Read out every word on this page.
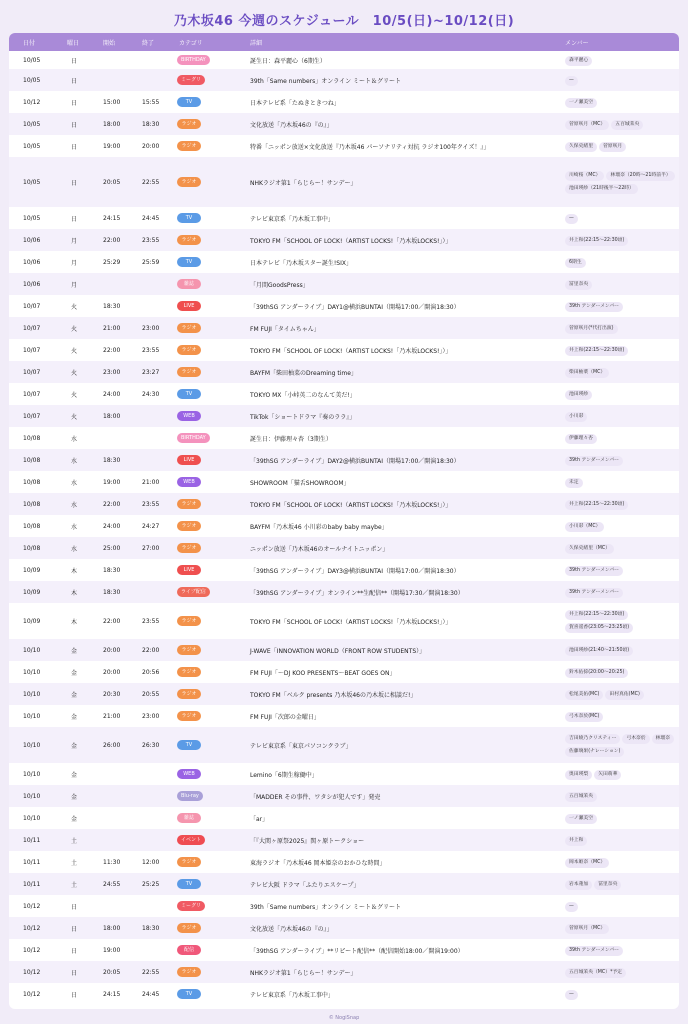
乃木坂46 今週のスケジュール　10/5(日)~10/12(日)
日付	曜日	開始	終了	カテゴリ	詳細	メンバー
10/05	日			BIRTHDAY	誕生日：森平麗心（6期生）	森平麗心
10/05	日			ミーグリ	39th「Same numbers」オンライン ミート＆グリート	—
10/12	日	15:00	15:55	TV	日本テレビ系「たぬきときつね」	一ノ瀬美空
10/05	日	18:00	18:30	ラジオ	文化放送「乃木坂46の『の』」	菅原咲月（MC） 五百城茉央
10/05	日	19:00	20:00	ラジオ	特番「ニッポン放送×文化放送『乃木坂46 パーソナリティ対抗 ラジオ100年クイズ！』」	久保史緒里 菅原咲月
10/05	日	20:05	22:55	ラジオ	NHKラジオ第1「らじらー！サンデー」	川崎桜（MC） 林瑠奈（20時〜21時前半）池田瑛紗（21時後半〜22時）
10/05	日	24:15	24:45	TV	テレビ東京系「乃木坂工事中」	—
10/06	月	22:00	23:55	ラジオ	TOKYO FM「SCHOOL OF LOCK!（ARTIST LOCKS!「乃木坂LOCKS!」）」	井上和(22:15〜22:30頃)
10/06	月	25:29	25:59	TV	日本テレビ「乃木坂スター誕生!SIX」	6期生
10/06	月			雑誌	「月間GoodsPress」	冨里奈央
10/07	火	18:30		LIVE	「39thSG アンダーライブ」DAY1@横浜BUNTAI（開場17:00／開演18:30）	39th アンダーメンバー
10/07	火	21:00	23:00	ラジオ	FM FUJI「タイムちゃん」	菅原咲月(*代打出演)
10/07	火	22:00	23:55	ラジオ	TOKYO FM「SCHOOL OF LOCK!（ARTIST LOCKS!「乃木坂LOCKS!」）」	井上和(22:15〜22:30頃)
10/07	火	23:00	23:27	ラジオ	BAYFM「柴田柚菜のDreaming time」	柴田柚菜（MC）
10/07	火	24:00	24:30	TV	TOKYO MX「小峠英二のなんて美だ!」	池田瑛紗
10/07	火	18:00		WEB	TikTok「ショートドラマ『奏のララ』」	小川彩
10/08	水			BIRTHDAY	誕生日：伊藤理々杏（3期生）	伊藤理々杏
10/08	水	18:30		LIVE	「39thSG アンダーライブ」DAY2@横浜BUNTAI（開場17:00／開演18:30）	39th アンダーメンバー
10/08	水	19:00	21:00	WEB	SHOWROOM「猫舌SHOWROOM」	未定
10/08	水	22:00	23:55	ラジオ	TOKYO FM「SCHOOL OF LOCK!（ARTIST LOCKS!「乃木坂LOCKS!」）」	井上和(22:15〜22:30頃)
10/08	水	24:00	24:27	ラジオ	BAYFM「乃木坂46 小川彩のbaby baby maybe」	小川彩（MC）
10/08	水	25:00	27:00	ラジオ	ニッポン放送「乃木坂46のオールナイトニッポン」	久保史緒里（MC）
10/09	木	18:30		LIVE	「39thSG アンダーライブ」DAY3@横浜BUNTAI（開場17:00／開演18:30）	39th アンダーメンバー
10/09	木	18:30		ライブ配信	「39thSG アンダーライブ」オンライン**生配信**（開場17:30／開演18:30）	39th アンダーメンバー
10/09	木	22:00	23:55	ラジオ	TOKYO FM「SCHOOL OF LOCK!（ARTIST LOCKS!「乃木坂LOCKS!」）」	井上和(22:15〜22:30頃)賀喜遥香(23:05〜23:25頃)
10/10	金	20:00	22:00	ラジオ	J-WAVE「INNOVATION WORLD（FRONT ROW STUDENTS）」	池田瑛紗(21:40〜21:50頃)
10/10	金	20:00	20:56	ラジオ	FM FUJI「〜DJ KOO PRESENTS〜BEAT GOES ON」	鈴木佑捺(20:00〜20:25)
10/10	金	20:30	20:55	ラジオ	TOKYO FM「ベルク presents 乃木坂46の乃木坂に相談だ!」	松尾美佑(MC) 田村真佑(MC)
10/10	金	21:00	23:00	ラジオ	FM FUJI「次郎の金曜日」	弓木奈於(MC)
10/10	金	26:00	26:30	TV	テレビ東京系「東京パソコンクラブ」	吉田綾乃クリスティー 弓木奈於 林瑠奈佐藤璃果(ナレーション)
10/10	金			WEB	Lemino「6期生稼働中」	奥田瑛梨 矢田萌華
10/10	金			Blu-ray	「MADDER その事件、ワタシが犯人です」発売	五百城茉央
10/10	金			雑誌	「ar」	一ノ瀬美空
10/11	土			イベント	「『大関ヶ原祭2025』関ヶ原トークショー	井上和
10/11	土	11:30	12:00	ラジオ	東海ラジオ「乃木坂46 岡本姫奈のおかひな時間」	岡本姫奈（MC）
10/11	土	24:55	25:25	TV	テレビ大阪 ドラマ「ふたりエスケープ」	岩本蓮加 冨里奈央
10/12	日			ミーグリ	39th「Same numbers」オンライン ミート＆グリート	—
10/12	日	18:00	18:30	ラジオ	文化放送「乃木坂46の『の』」	菅原咲月（MC）
10/12	日	19:00		配信	「39thSG アンダーライブ」**リピート配信**（配信開始18:00／開演19:00）	39th アンダーメンバー
10/12	日	20:05	22:55	ラジオ	NHKラジオ第1「らじらー！サンデー」	五百城茉央（MC）*予定
10/12	日	24:15	24:45	TV	テレビ東京系「乃木坂工事中」	—
© NogiSnap
